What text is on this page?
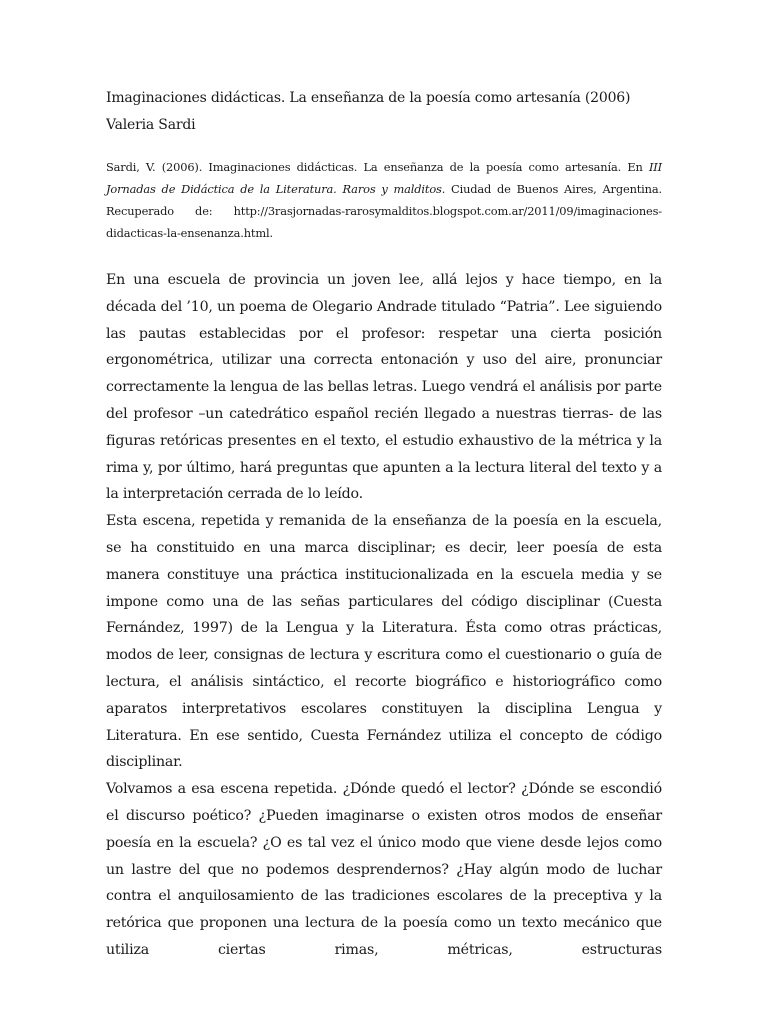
Imaginaciones didácticas. La enseñanza de la poesía como artesanía (2006)
Valeria Sardi
Sardi, V. (2006). Imaginaciones didácticas. La enseñanza de la poesía como artesanía. En III Jornadas de Didáctica de la Literatura. Raros y malditos. Ciudad de Buenos Aires, Argentina. Recuperado de: http://3rasjornadas-rarosymalditos.blogspot.com.ar/2011/09/imaginaciones- didacticas-la-ensenanza.html.

En una escuela de provincia un joven lee, allá lejos y hace tiempo, en la década del ’10, un poema de Olegario Andrade titulado “Patria”. Lee siguiendo las pautas establecidas por el profesor: respetar una cierta posición ergonométrica, utilizar una correcta entonación y uso del aire, pronunciar correctamente la lengua de las bellas letras. Luego vendrá el análisis por parte del profesor –un catedrático español recién llegado a nuestras tierras- de las figuras retóricas presentes en el texto, el estudio exhaustivo de la métrica y la rima y, por último, hará preguntas que apunten a la lectura literal del texto y a la interpretación cerrada de lo leído.

Esta escena, repetida y remanida de la enseñanza de la poesía en la escuela, se ha constituido en una marca disciplinar; es decir, leer poesía de esta manera constituye una práctica institucionalizada en la escuela media y se impone como una de las señas particulares del código disciplinar (Cuesta Fernández, 1997) de la Lengua y la Literatura. Ésta como otras prácticas, modos de leer, consignas de lectura y escritura como el cuestionario o guía de lectura, el análisis sintáctico, el recorte biográfico e historiográfico como aparatos interpretativos escolares constituyen la disciplina Lengua y Literatura. En ese sentido, Cuesta Fernández utiliza el concepto de código disciplinar.

Volvamos a esa escena repetida. ¿Dónde quedó el lector? ¿Dónde se escondió el discurso poético? ¿Pueden imaginarse o existen otros modos de enseñar poesía en la escuela? ¿O es tal vez el único modo que viene desde lejos como un lastre del que no podemos desprendernos? ¿Hay algún modo de luchar contra el anquilosamiento de las tradiciones escolares de la preceptiva y la retórica que proponen una lectura de la poesía como un texto mecánico que utiliza ciertas rimas, métricas, estructuras
